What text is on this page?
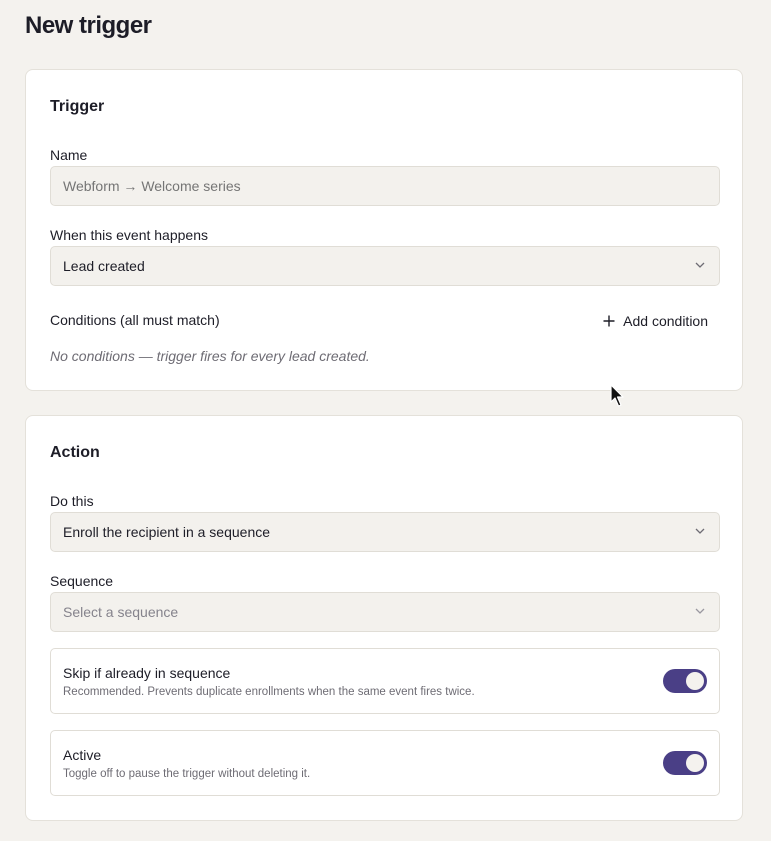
New trigger
Trigger
Name
Webform → Welcome series
When this event happens
Lead created
Conditions (all must match)	Add condition
No conditions — trigger fires for every lead created.
Action
Do this
Enroll the recipient in a sequence
Sequence
Select a sequence
Skip if already in sequence
Recommended. Prevents duplicate enrollments when the same event fires twice.
Active
Toggle off to pause the trigger without deleting it.
